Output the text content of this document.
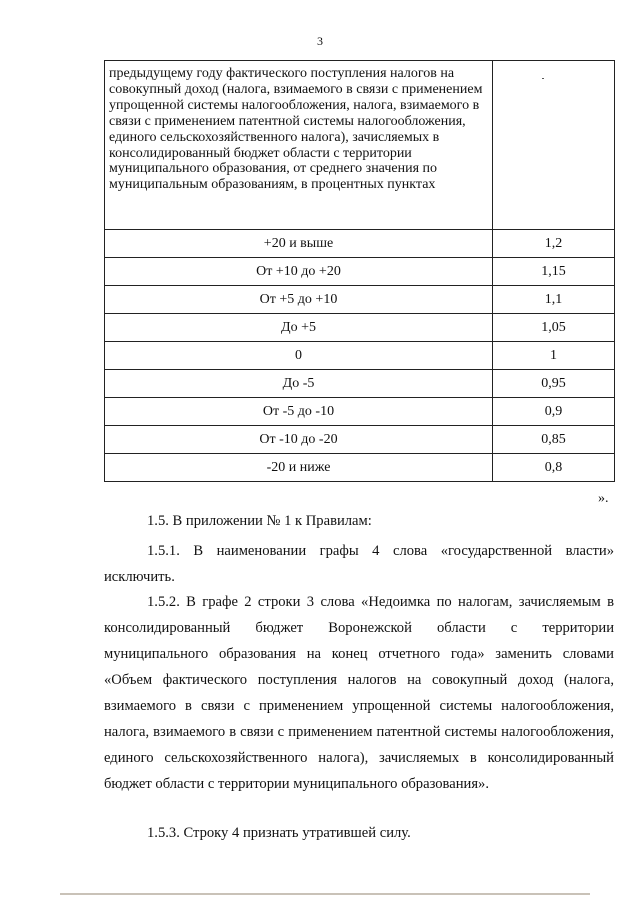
3
предыдущему году фактического поступления налогов на совокупный доход (налога, взимаемого в связи с применением упрощенной системы налогообложения, налога, взимаемого в связи с применением патентной системы налогообложения, единого сельскохозяйственного налога), зачисляемых в консолидированный бюджет области с территории муниципального образования, от среднего значения по муниципальным образованиям, в процентных пунктах	
+20 и выше	1,2
От +10 до +20	1,15
От +5 до +10	1,1
До +5	1,05
0	1
До -5	0,95
От -5 до -10	0,9
От -10 до -20	0,85
-20 и ниже	0,8
».

1.5. В приложении № 1 к Правилам:

1.5.1. В наименовании графы 4 слова «государственной власти» исключить.

1.5.2. В графе 2 строки 3 слова «Недоимка по налогам, зачисляемым в консолидированный бюджет Воронежской области с территории муниципального образования на конец отчетного года» заменить словами «Объем фактического поступления налогов на совокупный доход (налога, взимаемого в связи с применением упрощенной системы налогообложения, налога, взимаемого в связи с применением патентной системы налогообложения, единого сельскохозяйственного налога), зачисляемых в консолидированный бюджет области с территории муниципального образования».

1.5.3. Строку 4 признать утратившей силу.
